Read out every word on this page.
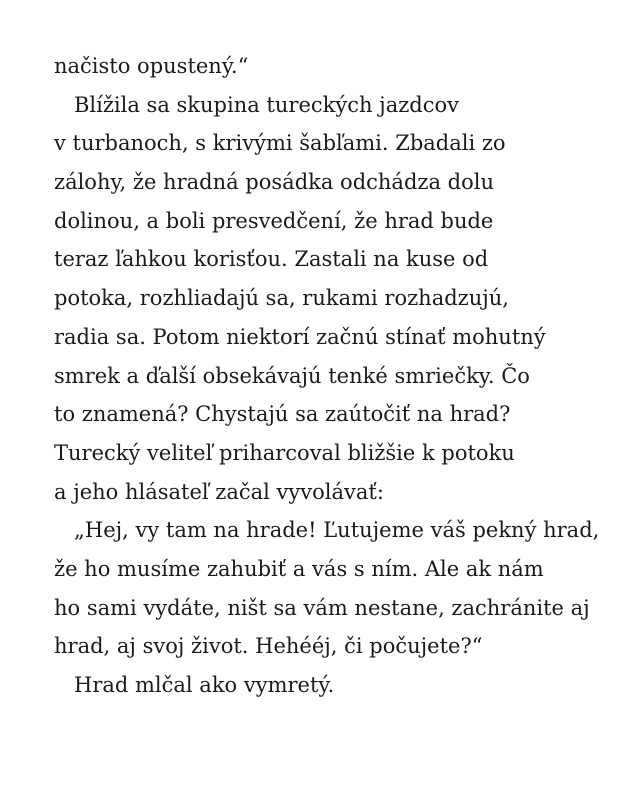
načisto opustený.“
Blížila sa skupina tureckých jazdcov
v turbanoch, s krivými šabľami. Zbadali zo
zálohy, že hradná posádka odchádza dolu
dolinou, a boli presvedčení, že hrad bude
teraz ľahkou korisťou. Zastali na kuse od
potoka, rozhliadajú sa, rukami rozhadzujú,
radia sa. Potom niektorí začnú stínať mohutný
smrek a ďalší obsekávajú tenké smriečky. Čo
to znamená? Chystajú sa zaútočiť na hrad?
Turecký veliteľ priharcoval bližšie k potoku
a jeho hlásateľ začal vyvolávať:
„Hej, vy tam na hrade! Ľutujeme váš pekný hrad,
že ho musíme zahubiť a vás s ním. Ale ak nám
ho sami vydáte, ništ sa vám nestane, zachránite aj
hrad, aj svoj život. Hehééj, či počujete?“
Hrad mlčal ako vymretý.
